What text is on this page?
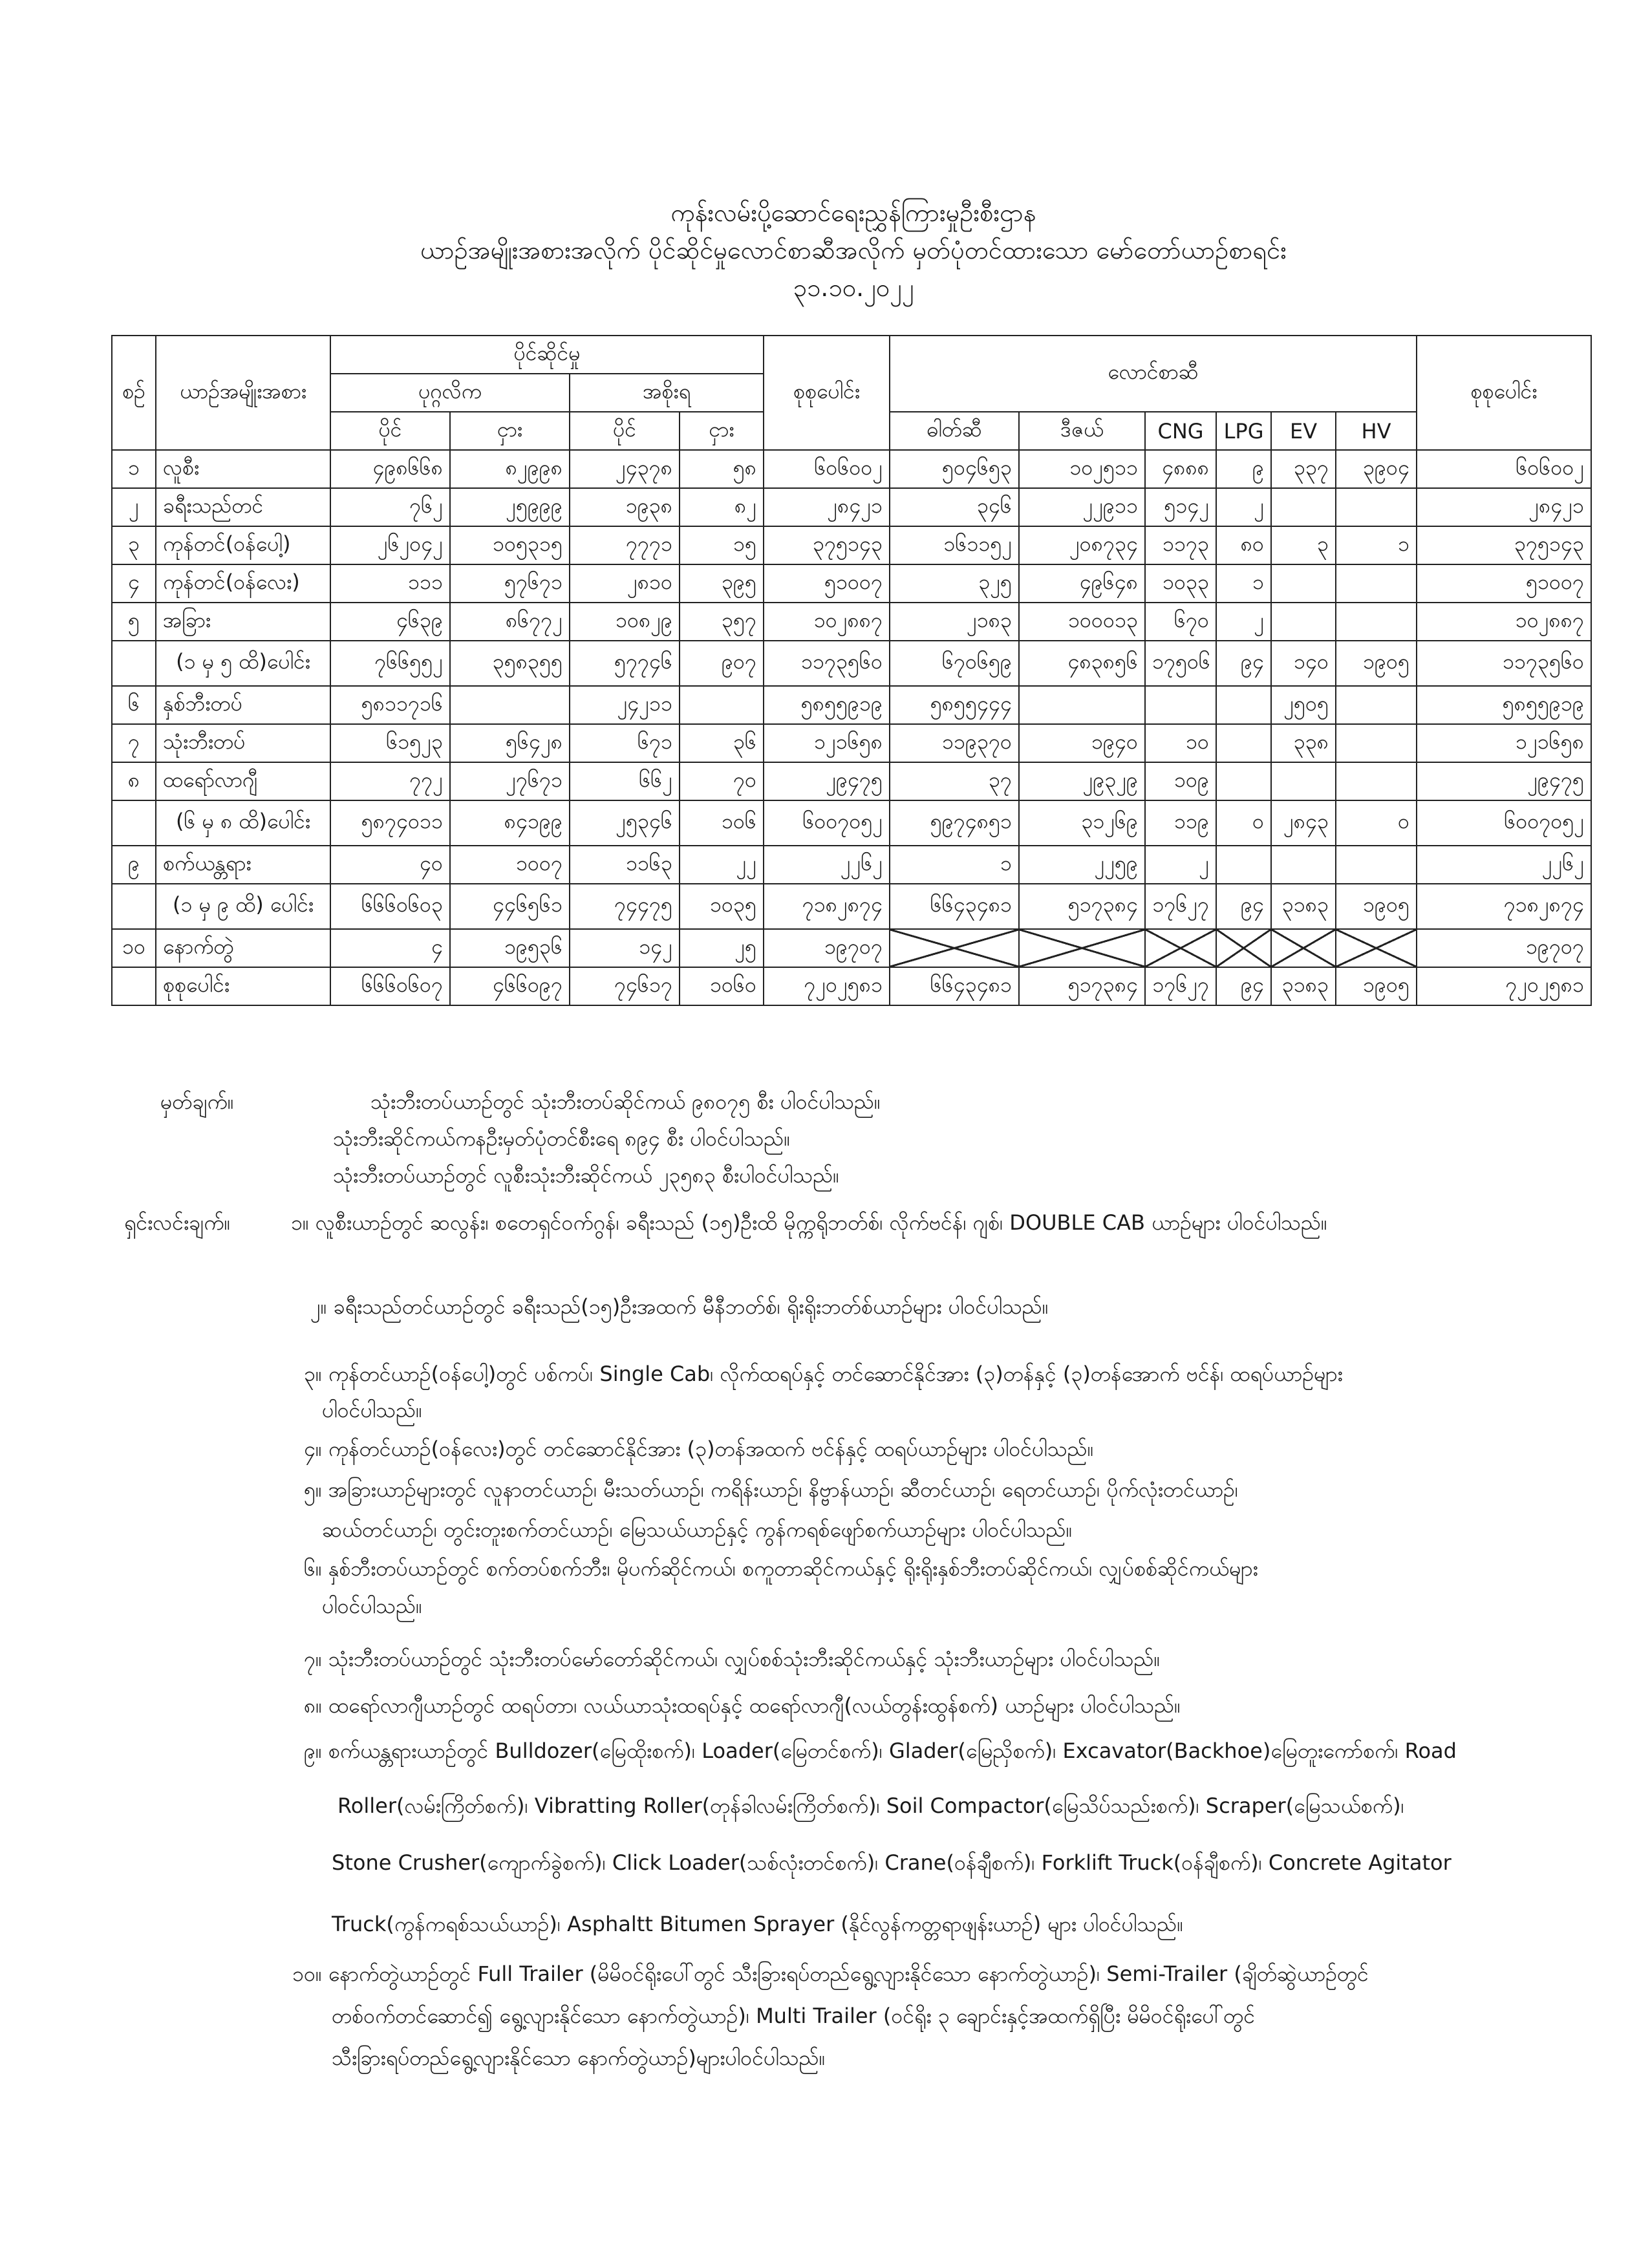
ကုန်းလမ်းပို့ဆောင်ရေးညွှန်ကြားမှုဦးစီးဌာန
ယာဉ်အမျိုးအစားအလိုက် ပိုင်ဆိုင်မှုလောင်စာဆီအလိုက် မှတ်ပုံတင်ထားသော မော်တော်ယာဉ်စာရင်း
၃၁.၁၀.၂၀၂၂
စဉ်	ယာဉ်အမျိုးအစား	ပိုင်ဆိုင်မှု				စုစုပေါင်း	လောင်စာဆီ						စုစုပေါင်း
		ပုဂ္ဂလိက		အစိုးရ									
		ပိုင်	ငှား	ပိုင်	ငှား		ဓါတ်ဆီ	ဒီဇယ်	CNG	LPG	EV	HV	
၁	လူစီး	၄၉၈၆၆၈	၈၂၉၉၈	၂၄၃၇၈	၅၈	၆၀၆၀၀၂	၅၀၄၆၅၃	၁၀၂၅၁၁	၄၈၈၈	၉	၃၃၇	၃၉၀၄	၆၀၆၀၀၂
၂	ခရီးသည်တင်	၇၆၂	၂၅၉၉၉	၁၉၃၈	၈၂	၂၈၄၂၁	၃၄၆	၂၂၉၁၁	၅၁၄၂	၂			၂၈၄၂၁
၃	ကုန်တင်(ဝန်ပေါ့)	၂၆၂၀၄၂	၁၀၅၃၁၅	၇၇၇၁	၁၅	၃၇၅၁၄၃	၁၆၁၁၅၂	၂၀၈၇၃၄	၁၁၇၃	၈၀	၃	၁	၃၇၅၁၄၃
၄	ကုန်တင်(ဝန်လေး)	၁၁၁	၅၇၆၇၁	၂၈၁၀	၃၉၅	၅၁၀၀၇	၃၂၅	၄၉၆၄၈	၁၀၃၃	၁			၅၁၀၀၇
၅	အခြား	၄၆၃၉	၈၆၇၇၂	၁၀၈၂၉	၃၅၇	၁၀၂၈၈၇	၂၁၈၃	၁၀၀၀၁၃	၆၇၀	၂			၁၀၂၈၈၇
	(၁ မှ ၅ ထိ)ပေါင်း	၇၆၆၅၅၂	၃၅၈၃၅၅	၅၇၇၄၆	၉၀၇	၁၁၇၃၅၆၀	၆၇၀၆၅၉	၄၈၃၈၅၆	၁၇၅၀၆	၉၄	၁၄၀	၁၉၀၅	၁၁၇၃၅၆၀
၆	နှစ်ဘီးတပ်	၅၈၁၁၇၁၆		၂၄၂၁၁		၅၈၅၅၉၁၉	၅၈၅၅၄၄၄				၂၅၀၅		၅၈၅၅၉၁၉
၇	သုံးဘီးတပ်	၆၁၅၂၃	၅၆၄၂၈	၆၇၁	၃၆	၁၂၁၆၅၈	၁၁၉၃၇၀	၁၉၄၀	၁၀		၃၃၈		၁၂၁၆၅၈
၈	ထရော်လာဂျီ	၇၇၂	၂၇၆၇၁	၆၆၂	၇၀	၂၉၄၇၅	၃၇	၂၉၃၂၉	၁၀၉				၂၉၄၇၅
	(၆ မှ ၈ ထိ)ပေါင်း	၅၈၇၄၀၁၁	၈၄၁၉၉	၂၅၃၄၆	၁၀၆	၆၀၀၇၀၅၂	၅၉၇၄၈၅၁	၃၁၂၆၉	၁၁၉	၀	၂၈၄၃	၀	၆၀၀၇၀၅၂
၉	စက်ယန္တရား	၄၀	၁၀၀၇	၁၁၆၃	၂၂	၂၂၆၂	၁	၂၂၅၉	၂				၂၂၆၂
	(၁ မှ ၉ ထိ) ပေါင်း	၆၆၆၀၆၀၃	၄၄၆၅၆၁	၇၄၄၇၅	၁၀၃၅	၇၁၈၂၈၇၄	၆၆၄၃၄၈၁	၅၁၇၃၈၄	၁၇၆၂၇	၉၄	၃၁၈၃	၁၉၀၅	၇၁၈၂၈၇၄
၁၀	နောက်တွဲ	၄	၁၉၅၃၆	၁၄၂	၂၅	၁၉၇၀၇							၁၉၇၀၇
	စုစုပေါင်း	၆၆၆၀၆၀၇	၄၆၆၀၉၇	၇၄၆၁၇	၁၀၆၀	၇၂၀၂၅၈၁	၆၆၄၃၄၈၁	၅၁၇၃၈၄	၁၇၆၂၇	၉၄	၃၁၈၃	၁၉၀၅	၇၂၀၂၅၈၁
မှတ်ချက်။	သုံးဘီးတပ်ယာဉ်တွင် သုံးဘီးတပ်ဆိုင်ကယ် ၉၈၀၇၅ စီး ပါဝင်ပါသည်။
သုံးဘီးဆိုင်ကယ်ကနဦးမှတ်ပုံတင်စီးရေ ၈၉၄ စီး ပါဝင်ပါသည်။
သုံးဘီးတပ်ယာဉ်တွင် လူစီးသုံးဘီးဆိုင်ကယ် ၂၃၅၈၃ စီးပါဝင်ပါသည်။
ရှင်းလင်းချက်။	၁။ လူစီးယာဉ်တွင် ဆလွန်း၊ စတေရှင်ဝက်ဂွန်၊ ခရီးသည် (၁၅)ဦးထိ မိုက္ကရိုဘတ်စ်၊ လိုက်ဗင်န်၊ ဂျစ်၊ DOUBLE CAB ယာဉ်များ ပါဝင်ပါသည်။
၂။ ခရီးသည်တင်ယာဉ်တွင် ခရီးသည်(၁၅)ဦးအထက် မီနီဘတ်စ်၊ ရိုးရိုးဘတ်စ်ယာဉ်များ ပါဝင်ပါသည်။
၃။ ကုန်တင်ယာဉ်(ဝန်ပေါ့)တွင် ပစ်ကပ်၊ Single Cab၊ လိုက်ထရပ်နှင့် တင်ဆောင်နိုင်အား (၃)တန်နှင့် (၃)တန်အောက် ဗင်န်၊ ထရပ်ယာဉ်များ
ပါဝင်ပါသည်။
၄။ ကုန်တင်ယာဉ်(ဝန်လေး)တွင် တင်ဆောင်နိုင်အား (၃)တန်အထက် ဗင်န်နှင့် ထရပ်ယာဉ်များ ပါဝင်ပါသည်။
၅။ အခြားယာဉ်များတွင် လူနာတင်ယာဉ်၊ မီးသတ်ယာဉ်၊ ကရိန်းယာဉ်၊ နိဗ္ဗာန်ယာဉ်၊ ဆီတင်ယာဉ်၊ ရေတင်ယာဉ်၊ ပိုက်လုံးတင်ယာဉ်၊
ဆယ်တင်ယာဉ်၊ တွင်းတူးစက်တင်ယာဉ်၊ မြေသယ်ယာဉ်နှင့် ကွန်ကရစ်ဖျော်စက်ယာဉ်များ ပါဝင်ပါသည်။
၆။ နှစ်ဘီးတပ်ယာဉ်တွင် စက်တပ်စက်ဘီး၊ မိုပက်ဆိုင်ကယ်၊ စကူတာဆိုင်ကယ်နှင့် ရိုးရိုးနှစ်ဘီးတပ်ဆိုင်ကယ်၊ လျှပ်စစ်ဆိုင်ကယ်များ
ပါဝင်ပါသည်။
၇။ သုံးဘီးတပ်ယာဉ်တွင် သုံးဘီးတပ်မော်တော်ဆိုင်ကယ်၊ လျှပ်စစ်သုံးဘီးဆိုင်ကယ်နှင့် သုံးဘီးယာဉ်များ ပါဝင်ပါသည်။
၈။ ထရော်လာဂျီယာဉ်တွင် ထရပ်တာ၊ လယ်ယာသုံးထရပ်နှင့် ထရော်လာဂျီ(လယ်တွန်းထွန်စက်) ယာဉ်များ ပါဝင်ပါသည်။
၉။ စက်ယန္တရားယာဉ်တွင် Bulldozer(မြေထိုးစက်)၊ Loader(မြေတင်စက်)၊ Glader(မြေညှိစက်)၊ Excavator(Backhoe)မြေတူးကော်စက်၊ Road
Roller(လမ်းကြိတ်စက်)၊ Vibratting Roller(တုန်ခါလမ်းကြိတ်စက်)၊ Soil Compactor(မြေသိပ်သည်းစက်)၊ Scraper(မြေသယ်စက်)၊
Stone Crusher(ကျောက်ခွဲစက်)၊ Click Loader(သစ်လုံးတင်စက်)၊ Crane(ဝန်ချီစက်)၊ Forklift Truck(ဝန်ချီစက်)၊ Concrete Agitator
Truck(ကွန်ကရစ်သယ်ယာဉ်)၊ Asphaltt Bitumen Sprayer (နိုင်လွန်ကတ္တရာဖျန်းယာဉ်) များ ပါဝင်ပါသည်။
၁၀။ နောက်တွဲယာဉ်တွင် Full Trailer (မိမိဝင်ရိုးပေါ်တွင် သီးခြားရပ်တည်ရွေ့လျားနိုင်သော နောက်တွဲယာဉ်)၊ Semi-Trailer (ချိတ်ဆွဲယာဉ်တွင်
တစ်ဝက်တင်ဆောင်၍ ရွေ့လျားနိုင်သော နောက်တွဲယာဉ်)၊ Multi Trailer (ဝင်ရိုး ၃ ချောင်းနှင့်အထက်ရှိပြီး မိမိဝင်ရိုးပေါ်တွင်
သီးခြားရပ်တည်ရွေ့လျားနိုင်သော နောက်တွဲယာဉ်)များပါဝင်ပါသည်။
